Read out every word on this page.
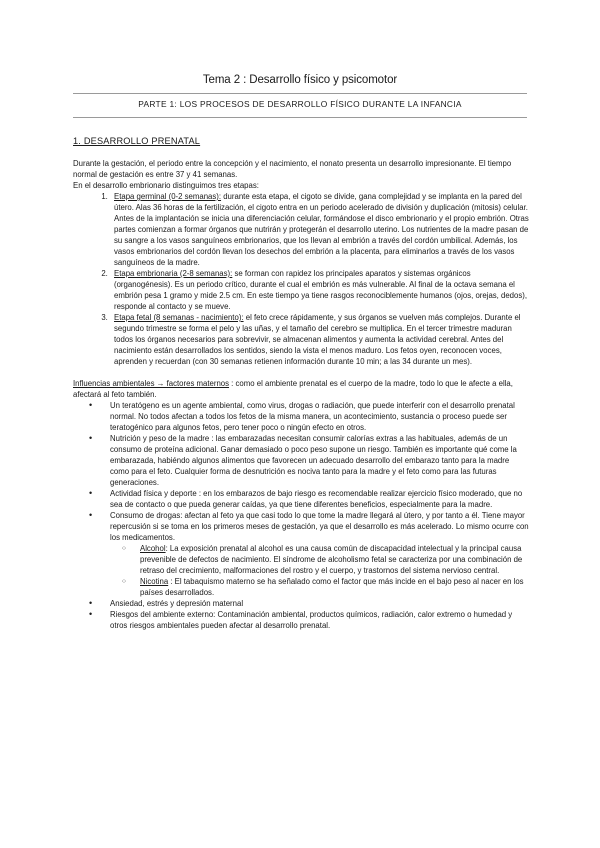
Tema 2 : Desarrollo físico y psicomotor
PARTE 1: LOS PROCESOS DE DESARROLLO FÍSICO DURANTE LA INFANCIA
1. DESARROLLO PRENATAL

Durante la gestación, el periodo entre la concepción y el nacimiento, el nonato presenta un desarrollo impresionante. El tiempo normal de gestación es entre 37 y 41 semanas.

En el desarrollo embrionario distinguimos tres etapas:

1. Etapa germinal (0-2 semanas): durante esta etapa, el cigoto se divide, gana complejidad y se implanta en la pared del útero. Alas 36 horas de la fertilización, el cigoto entra en un periodo acelerado de división y duplicación (mitosis) celular. Antes de la implantación se inicia una diferenciación celular, formándose el disco embrionario y el propio embrión. Otras partes comienzan a formar órganos que nutrirán y protegerán el desarrollo uterino. Los nutrientes de la madre pasan de su sangre a los vasos sanguíneos embrionarios, que los llevan al embrión a través del cordón umbilical. Además, los vasos embrionarios del cordón llevan los desechos del embrión a la placenta, para eliminarlos a través de los vasos sanguíneos de la madre.
2. Etapa embrionaria (2-8 semanas): se forman con rapidez los principales aparatos y sistemas orgánicos (organogénesis). Es un periodo crítico, durante el cual el embrión es más vulnerable. Al final de la octava semana el embrión pesa 1 gramo y mide 2.5 cm. En este tiempo ya tiene rasgos reconociblemente humanos (ojos, orejas, dedos), responde al contacto y se mueve.
3. Etapa fetal (8 semanas - nacimiento): el feto crece rápidamente, y sus órganos se vuelven más complejos. Durante el segundo trimestre se forma el pelo y las uñas, y el tamaño del cerebro se multiplica. En el tercer trimestre maduran todos los órganos necesarios para sobrevivir, se almacenan alimentos y aumenta la actividad cerebral. Antes del nacimiento están desarrollados los sentidos, siendo la vista el menos maduro. Los fetos oyen, reconocen voces, aprenden y recuerdan (con 30 semanas retienen información durante 10 min; a las 34 durante un mes).

Influencias ambientales → factores maternos : como el ambiente prenatal es el cuerpo de la madre, todo lo que le afecte a ella, afectará al feto también.

• Un teratógeno es un agente ambiental, como virus, drogas o radiación, que puede interferir con el desarrollo prenatal normal. No todos afectan a todos los fetos de la misma manera, un acontecimiento, sustancia o proceso puede ser teratogénico para algunos fetos, pero tener poco o ningún efecto en otros.
• Nutrición y peso de la madre : las embarazadas necesitan consumir calorías extras a las habituales, además de un consumo de proteína adicional. Ganar demasiado o poco peso supone un riesgo. También es importante qué come la embarazada, habiéndo algunos alimentos que favorecen un adecuado desarrollo del embarazo tanto para la madre como para el feto. Cualquier forma de desnutrición es nociva tanto para la madre y el feto como para las futuras generaciones.
• Actividad física y deporte : en los embarazos de bajo riesgo es recomendable realizar ejercicio físico moderado, que no sea de contacto o que pueda generar caídas, ya que tiene diferentes beneficios, especialmente para la madre.
• Consumo de drogas: afectan al feto ya que casi todo lo que tome la madre llegará al útero, y por tanto a él. Tiene mayor repercusión si se toma en los primeros meses de gestación, ya que el desarrollo es más acelerado. Lo mismo ocurre con los medicamentos.
○ Alcohol: La exposición prenatal al alcohol es una causa común de discapacidad intelectual y la principal causa prevenible de defectos de nacimiento. El síndrome de alcoholismo fetal se caracteriza por una combinación de retraso del crecimiento, malformaciones del rostro y el cuerpo, y trastornos del sistema nervioso central.
○ Nicotina : El tabaquismo materno se ha señalado como el factor que más incide en el bajo peso al nacer en los países desarrollados.
• Ansiedad, estrés y depresión maternal
• Riesgos del ambiente externo: Contaminación ambiental, productos químicos, radiación, calor extremo o humedad y otros riesgos ambientales pueden afectar al desarrollo prenatal.
